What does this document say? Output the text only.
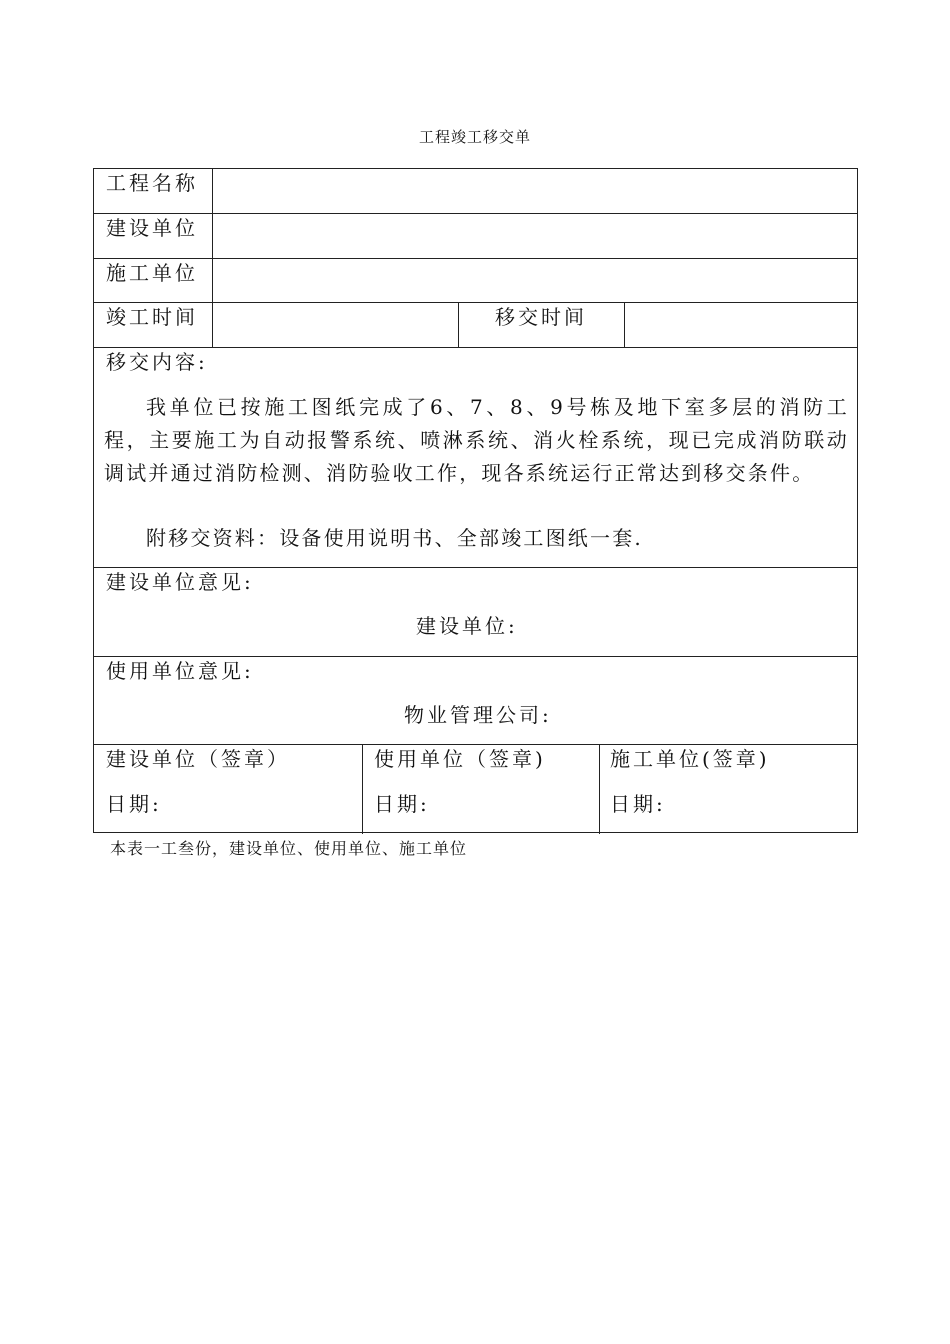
工程竣工移交单
工程名称
建设单位
施工单位
竣工时间	移交时间
移交内容:
我单位已按施工图纸完成了6、7、8、9号栋及地下室多层的消防工程，主要施工为自动报警系统、喷淋系统、消火栓系统，现已完成消防联动调试并通过消防检测、消防验收工作，现各系统运行正常达到移交条件。
附移交资料：设备使用说明书、全部竣工图纸一套.
建设单位意见:
建设单位:
使用单位意见:
物业管理公司:
建设单位（签章）
日期:
使用单位（签章)
日期:
施工单位(签章)
日期:
本表一工叁份，建设单位、使用单位、施工单位
